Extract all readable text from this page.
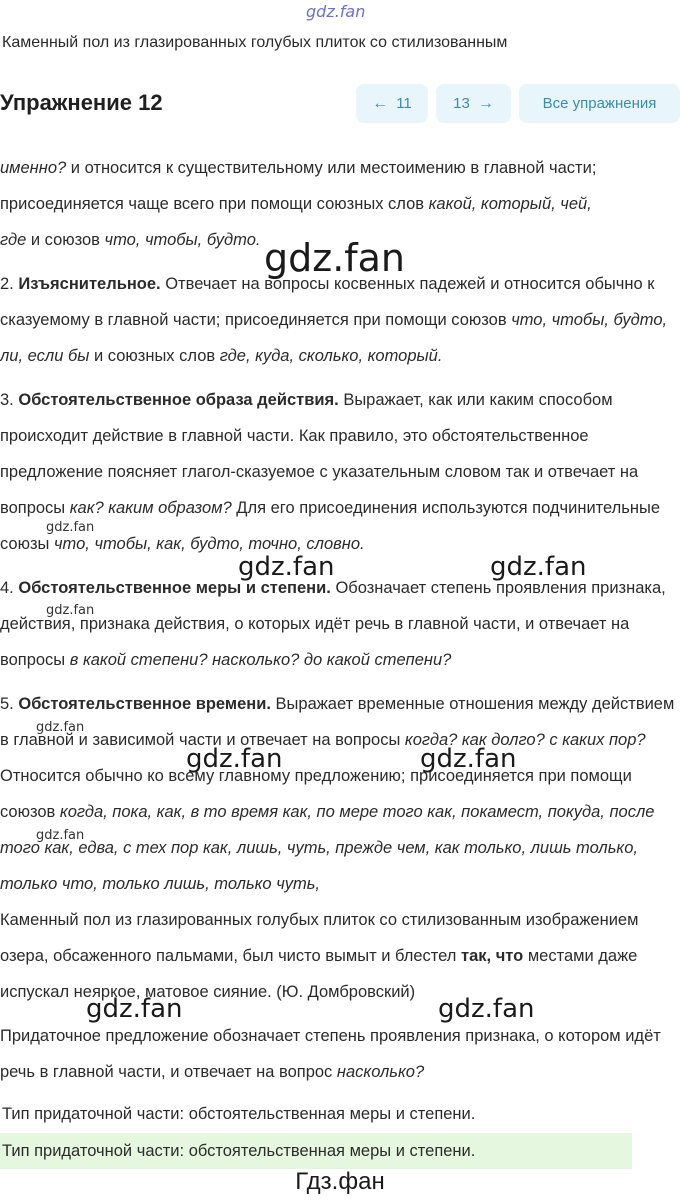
gdz.fan
Каменный пол из глазированных голубых плиток со стилизованным
Упражнение 12	← 11	13 →	Все упражнения

именно? и относится к существительному или местоимению в главной части;
присоединяется чаще всего при помощи союзных слов какой, который, чей,
где и союзов что, чтобы, будто.

2. Изъяснительное. Отвечает на вопросы косвенных падежей и относится обычно к сказуемому в главной части; присоединяется при помощи союзов что, чтобы, будто, ли, если бы и союзных слов где, куда, сколько, который.

3. Обстоятельственное образа действия. Выражает, как или каким способом происходит действие в главной части. Как правило, это обстоятельственное предложение поясняет глагол-сказуемое с указательным словом так и отвечает на вопросы как? каким образом? Для его присоединения используются подчинительные союзы что, чтобы, как, будто, точно, словно.

4. Обстоятельственное меры и степени. Обозначает степень проявления признака, действия, признака действия, о которых идёт речь в главной части, и отвечает на вопросы в какой степени? насколько? до какой степени?

5. Обстоятельственное времени. Выражает временные отношения между действием в главной и зависимой части и отвечает на вопросы когда? как долго? с каких пор? Относится обычно ко всему главному предложению; присоединяется при помощи союзов когда, пока, как, в то время как, по мере того как, покамест, покуда, после того как, едва, с тех пор как, лишь, чуть, прежде чем, как только, лишь только, только что, только лишь, только чуть,

Каменный пол из глазированных голубых плиток со стилизованным изображением озера, обсаженного пальмами, был чисто вымыт и блестел так, что местами даже испускал неяркое, матовое сияние. (Ю. Домбровский)

Придаточное предложение обозначает степень проявления признака, о котором идёт речь в главной части, и отвечает на вопрос насколько?

Тип придаточной части: обстоятельственная меры и степени.
Тип придаточной части: обстоятельственная меры и степени.
Гдз.фан
gdz.fan
gdz.fan	gdz.fan
gdz.fan	gdz.fan
gdz.fan	gdz.fan
gdz.fan
gdz.fan
gdz.fan
gdz.fan
